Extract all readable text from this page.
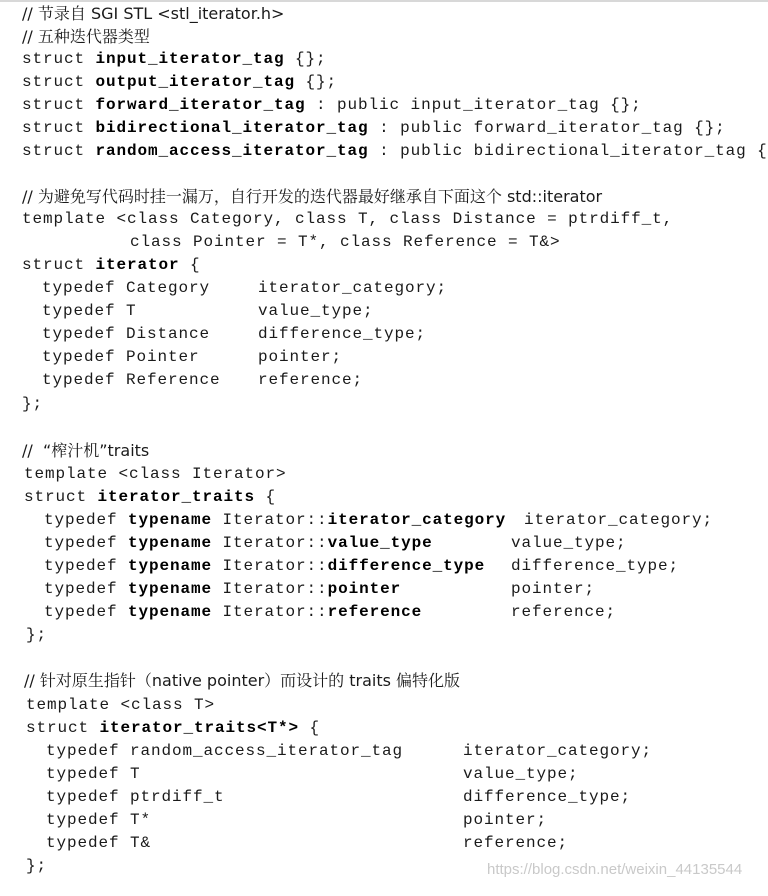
// 节录自 SGI STL <stl_iterator.h>
// 五种迭代器类型
struct input_iterator_tag {};
struct output_iterator_tag {};
struct forward_iterator_tag : public input_iterator_tag {};
struct bidirectional_iterator_tag : public forward_iterator_tag {};
struct random_access_iterator_tag : public bidirectional_iterator_tag {
// 为避免写代码时挂一漏万，自行开发的迭代器最好继承自下面这个 std::iterator
template <class Category, class T, class Distance = ptrdiff_t,
class Pointer = T*, class Reference = T&>
struct iterator {
typedef Category	iterator_category;
typedef T	value_type;
typedef Distance	difference_type;
typedef Pointer	pointer;
typedef Reference reference;
};
//  “榨汁机”traits
template <class Iterator>
struct iterator_traits {
typedef typename Iterator::iterator_category iterator_category;
typedef typename Iterator::value_type	value_type;
typedef typename Iterator::difference_type difference_type;
typedef typename Iterator::pointer	pointer;
typedef typename Iterator::reference	reference;
};
// 针对原生指针（native pointer）而设计的 traits 偏特化版
template <class T>
struct iterator_traits<T*> {
typedef random_access_iterator_tag	iterator_category;
typedef T	value_type;
typedef ptrdiff_t	difference_type;
typedef T*	pointer;
typedef T&	reference;
};	https://blog.csdn.net/weixin_44135544
